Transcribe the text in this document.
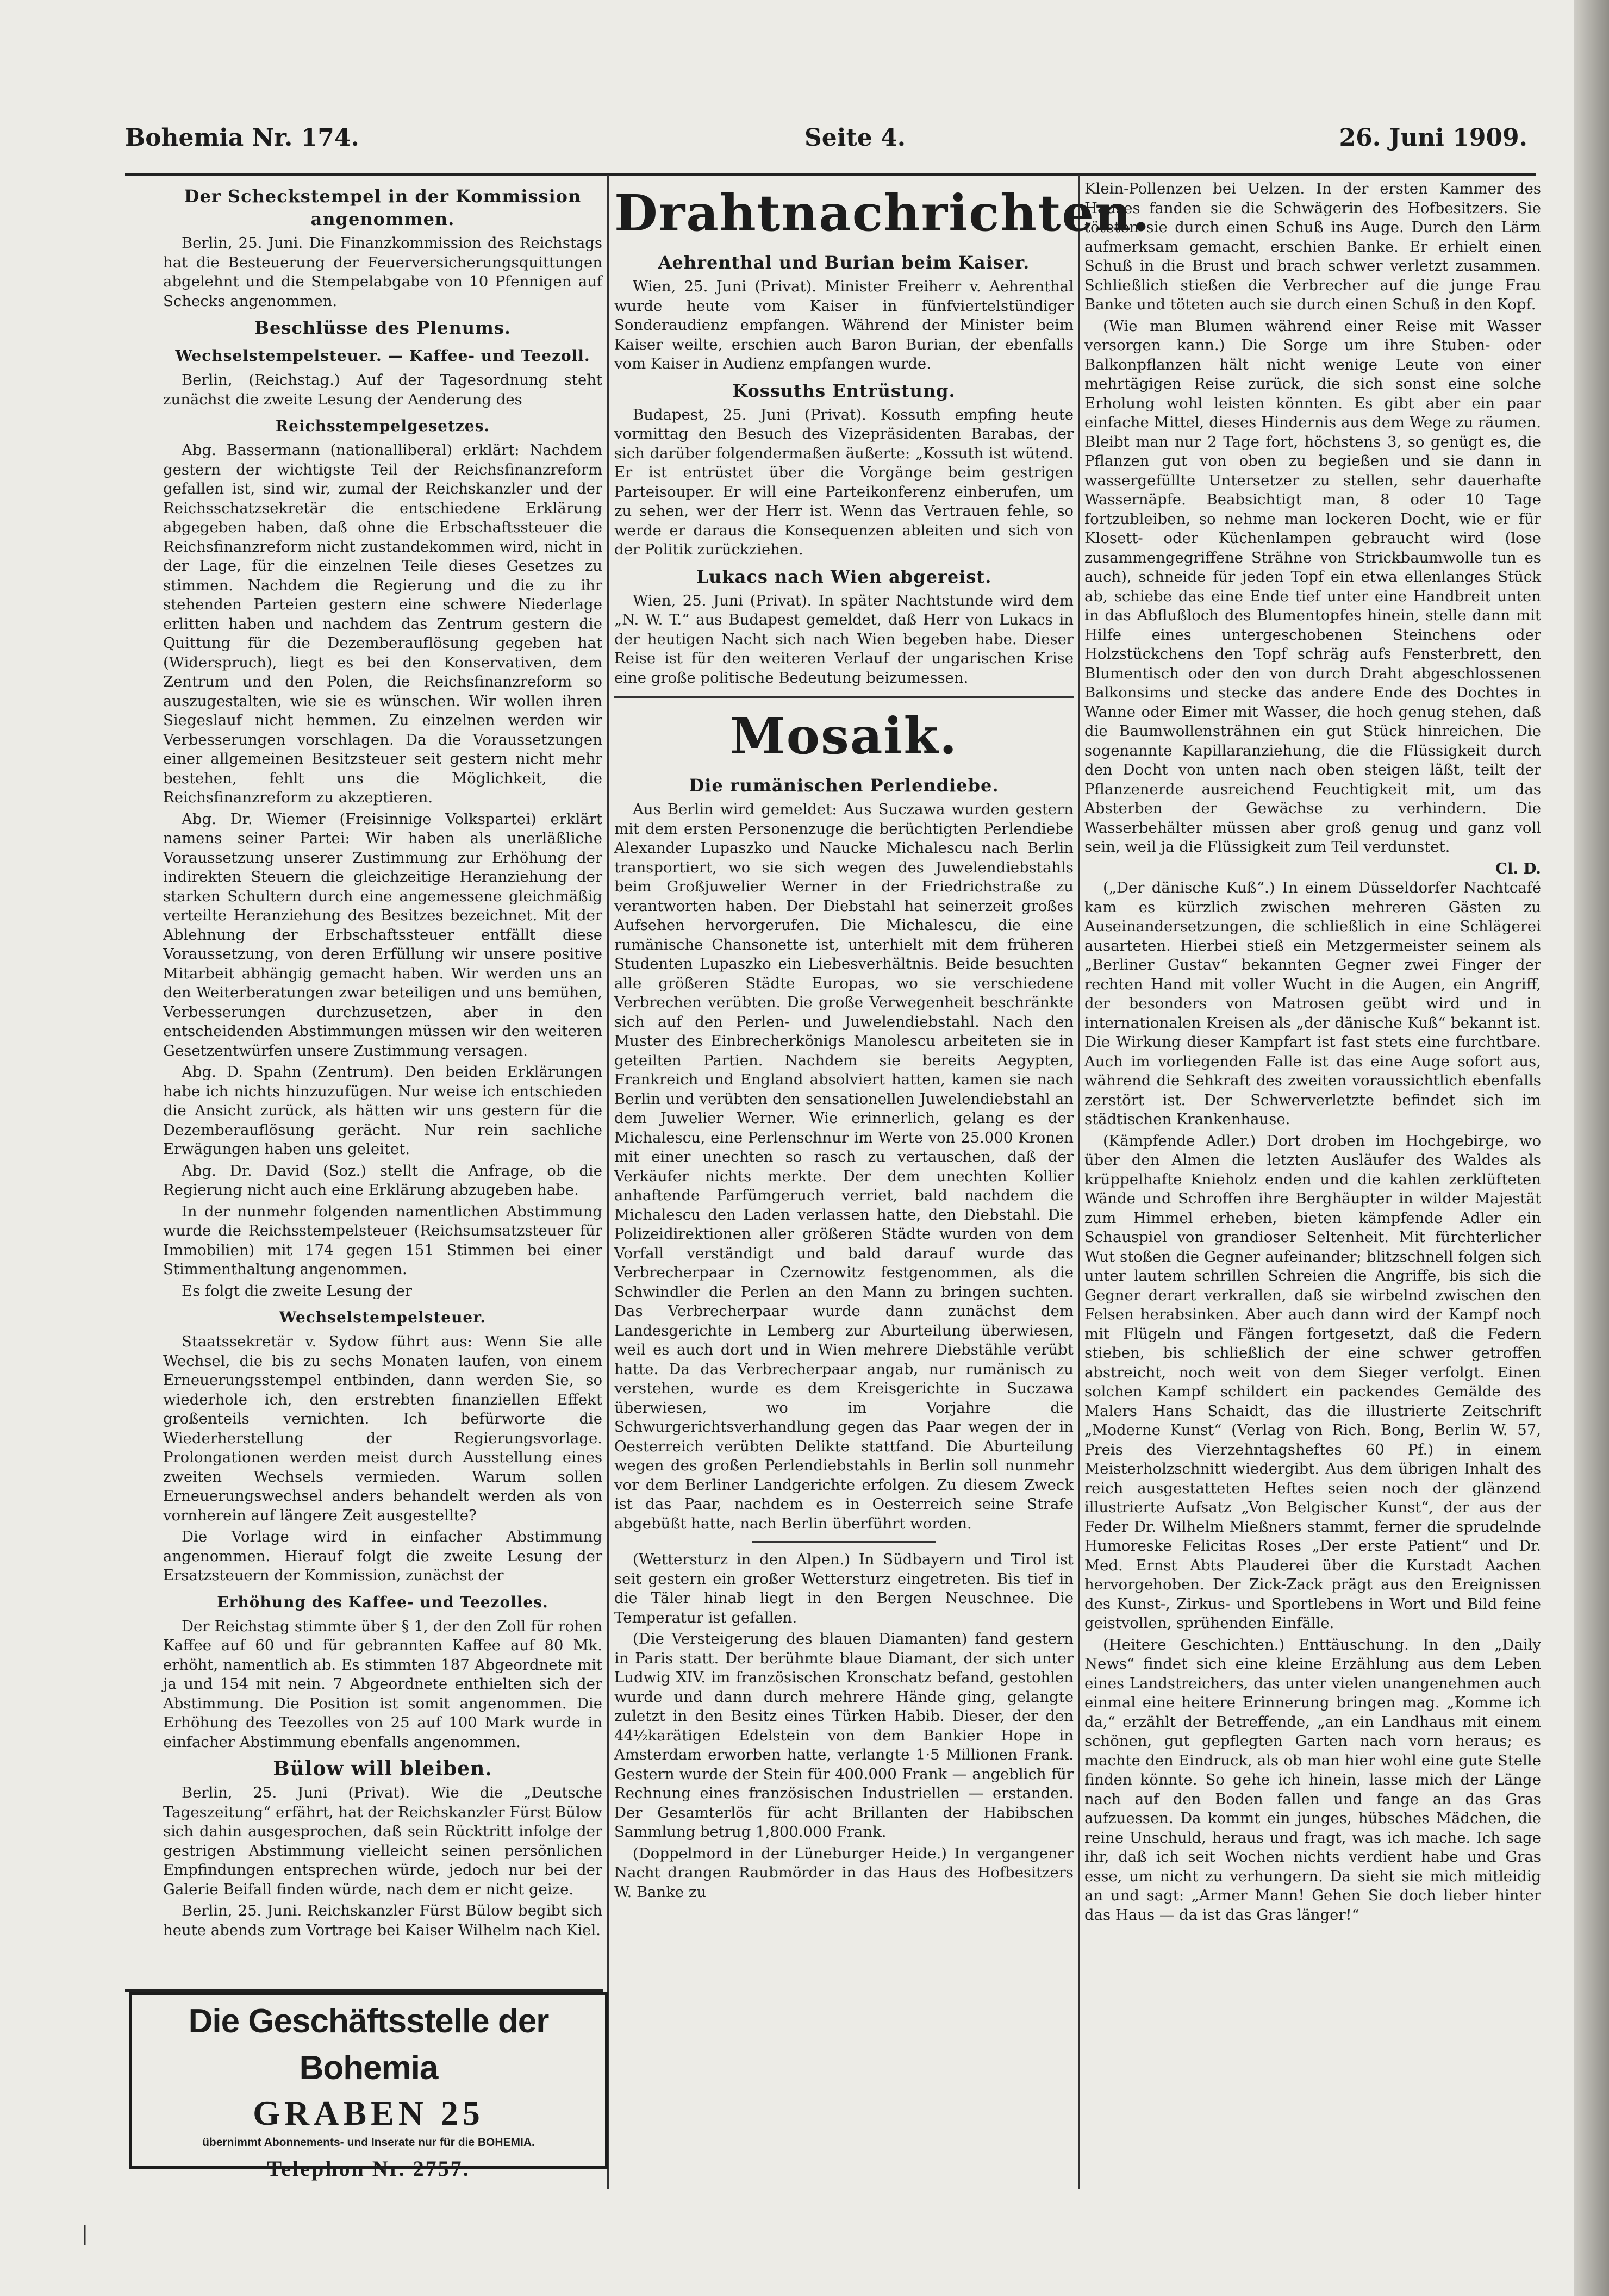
Bohemia Nr. 174.	Seite 4.	26. Juni 1909.
Der Scheckstempel in der Kommission angenommen.

Berlin, 25. Juni. Die Finanzkommission des Reichstags hat die Besteuerung der Feuerversicherungsquittungen abgelehnt und die Stempelabgabe von 10 Pfennigen auf Schecks angenommen.

Beschlüsse des Plenums.
Wechselstempelsteuer. — Kaffee- und Teezoll.

Berlin, (Reichstag.) Auf der Tagesordnung steht zunächst die zweite Lesung der Aenderung des

Reichsstempelgesetzes.

Abg. Bassermann (nationalliberal) erklärt: Nachdem gestern der wichtigste Teil der Reichsfinanzreform gefallen ist, sind wir, zumal der Reichskanzler und der Reichsschatzsekretär die entschiedene Erklärung abgegeben haben, daß ohne die Erbschaftssteuer die Reichsfinanzreform nicht zustandekommen wird, nicht in der Lage, für die einzelnen Teile dieses Gesetzes zu stimmen. Nachdem die Regierung und die zu ihr stehenden Parteien gestern eine schwere Niederlage erlitten haben und nachdem das Zentrum gestern die Quittung für die Dezemberauflösung gegeben hat (Widerspruch), liegt es bei den Konservativen, dem Zentrum und den Polen, die Reichsfinanzreform so auszugestalten, wie sie es wünschen. Wir wollen ihren Siegeslauf nicht hemmen. Zu einzelnen werden wir Verbesserungen vorschlagen. Da die Voraussetzungen einer allgemeinen Besitzsteuer seit gestern nicht mehr bestehen, fehlt uns die Möglichkeit, die Reichsfinanzreform zu akzeptieren.

Abg. Dr. Wiemer (Freisinnige Volkspartei) erklärt namens seiner Partei: Wir haben als unerläßliche Voraussetzung unserer Zustimmung zur Erhöhung der indirekten Steuern die gleichzeitige Heranziehung der starken Schultern durch eine angemessene gleichmäßig verteilte Heranziehung des Besitzes bezeichnet. Mit der Ablehnung der Erbschaftssteuer entfällt diese Voraussetzung, von deren Erfüllung wir unsere positive Mitarbeit abhängig gemacht haben. Wir werden uns an den Weiterberatungen zwar beteiligen und uns bemühen, Verbesserungen durchzusetzen, aber in den entscheidenden Abstimmungen müssen wir den weiteren Gesetzentwürfen unsere Zustimmung versagen.

Abg. D. Spahn (Zentrum). Den beiden Erklärungen habe ich nichts hinzuzufügen. Nur weise ich entschieden die Ansicht zurück, als hätten wir uns gestern für die Dezemberauflösung gerächt. Nur rein sachliche Erwägungen haben uns geleitet.

Abg. Dr. David (Soz.) stellt die Anfrage, ob die Regierung nicht auch eine Erklärung abzugeben habe.

In der nunmehr folgenden namentlichen Abstimmung wurde die Reichsstempelsteuer (Reichsumsatzsteuer für Immobilien) mit 174 gegen 151 Stimmen bei einer Stimmenthaltung angenommen.

Es folgt die zweite Lesung der

Wechselstempelsteuer.

Staatssekretär v. Sydow führt aus: Wenn Sie alle Wechsel, die bis zu sechs Monaten laufen, von einem Erneuerungsstempel entbinden, dann werden Sie, so wiederhole ich, den erstrebten finanziellen Effekt großenteils vernichten. Ich befürworte die Wiederherstellung der Regierungsvorlage. Prolongationen werden meist durch Ausstellung eines zweiten Wechsels vermieden. Warum sollen Erneuerungswechsel anders behandelt werden als von vornherein auf längere Zeit ausgestellte?

Die Vorlage wird in einfacher Abstimmung angenommen. Hierauf folgt die zweite Lesung der Ersatzsteuern der Kommission, zunächst der

Erhöhung des Kaffee- und Teezolles.

Der Reichstag stimmte über § 1, der den Zoll für rohen Kaffee auf 60 und für gebrannten Kaffee auf 80 Mk. erhöht, namentlich ab. Es stimmten 187 Abgeordnete mit ja und 154 mit nein. 7 Abgeordnete enthielten sich der Abstimmung. Die Position ist somit angenommen. Die Erhöhung des Teezolles von 25 auf 100 Mark wurde in einfacher Abstimmung ebenfalls angenommen.

Bülow will bleiben.

Berlin, 25. Juni (Privat). Wie die „Deutsche Tageszeitung“ erfährt, hat der Reichskanzler Fürst Bülow sich dahin ausgesprochen, daß sein Rücktritt infolge der gestrigen Abstimmung vielleicht seinen persönlichen Empfindungen entsprechen würde, jedoch nur bei der Galerie Beifall finden würde, nach dem er nicht geize.

Berlin, 25. Juni. Reichskanzler Fürst Bülow begibt sich heute abends zum Vortrage bei Kaiser Wilhelm nach Kiel.

Die Geschäftsstelle der Bohemia
GRABEN 25
übernimmt Abonnements- und Inserate nur für die BOHEMIA.
Telephon Nr. 2757.
Drahtnachrichten.
Aehrenthal und Burian beim Kaiser.

Wien, 25. Juni (Privat). Minister Freiherr v. Aehrenthal wurde heute vom Kaiser in fünfviertelstündiger Sonderaudienz empfangen. Während der Minister beim Kaiser weilte, erschien auch Baron Burian, der ebenfalls vom Kaiser in Audienz empfangen wurde.

Kossuths Entrüstung.

Budapest, 25. Juni (Privat). Kossuth empfing heute vormittag den Besuch des Vizepräsidenten Barabas, der sich darüber folgendermaßen äußerte: „Kossuth ist wütend. Er ist entrüstet über die Vorgänge beim gestrigen Parteisouper. Er will eine Parteikonferenz einberufen, um zu sehen, wer der Herr ist. Wenn das Vertrauen fehle, so werde er daraus die Konsequenzen ableiten und sich von der Politik zurückziehen.

Lukacs nach Wien abgereist.

Wien, 25. Juni (Privat). In später Nachtstunde wird dem „N. W. T.“ aus Budapest gemeldet, daß Herr von Lukacs in der heutigen Nacht sich nach Wien begeben habe. Dieser Reise ist für den weiteren Verlauf der ungarischen Krise eine große politische Bedeutung beizumessen.

Mosaik.
Die rumänischen Perlendiebe.

Aus Berlin wird gemeldet: Aus Suczawa wurden gestern mit dem ersten Personenzuge die berüchtigten Perlendiebe Alexander Lupaszko und Naucke Michalescu nach Berlin transportiert, wo sie sich wegen des Juwelendiebstahls beim Großjuwelier Werner in der Friedrichstraße zu verantworten haben. Der Diebstahl hat seinerzeit großes Aufsehen hervorgerufen. Die Michalescu, die eine rumänische Chansonette ist, unterhielt mit dem früheren Studenten Lupaszko ein Liebesverhältnis. Beide besuchten alle größeren Städte Europas, wo sie verschiedene Verbrechen verübten. Die große Verwegenheit beschränkte sich auf den Perlen- und Juwelendiebstahl. Nach den Muster des Einbrecherkönigs Manolescu arbeiteten sie in geteilten Partien. Nachdem sie bereits Aegypten, Frankreich und England absolviert hatten, kamen sie nach Berlin und verübten den sensationellen Juwelendiebstahl an dem Juwelier Werner. Wie erinnerlich, gelang es der Michalescu, eine Perlenschnur im Werte von 25.000 Kronen mit einer unechten so rasch zu vertauschen, daß der Verkäufer nichts merkte. Der dem unechten Kollier anhaftende Parfümgeruch verriet, bald nachdem die Michalescu den Laden verlassen hatte, den Diebstahl. Die Polizeidirektionen aller größeren Städte wurden von dem Vorfall verständigt und bald darauf wurde das Verbrecherpaar in Czernowitz festgenommen, als die Schwindler die Perlen an den Mann zu bringen suchten. Das Verbrecherpaar wurde dann zunächst dem Landesgerichte in Lemberg zur Aburteilung überwiesen, weil es auch dort und in Wien mehrere Diebstähle verübt hatte. Da das Verbrecherpaar angab, nur rumänisch zu verstehen, wurde es dem Kreisgerichte in Suczawa überwiesen, wo im Vorjahre die Schwurgerichtsverhandlung gegen das Paar wegen der in Oesterreich verübten Delikte stattfand. Die Aburteilung wegen des großen Perlendiebstahls in Berlin soll nunmehr vor dem Berliner Landgerichte erfolgen. Zu diesem Zweck ist das Paar, nachdem es in Oesterreich seine Strafe abgebüßt hatte, nach Berlin überführt worden.

(Wettersturz in den Alpen.) In Südbayern und Tirol ist seit gestern ein großer Wettersturz eingetreten. Bis tief in die Täler hinab liegt in den Bergen Neuschnee. Die Temperatur ist gefallen.

(Die Versteigerung des blauen Diamanten) fand gestern in Paris statt. Der berühmte blaue Diamant, der sich unter Ludwig XIV. im französischen Kronschatz befand, gestohlen wurde und dann durch mehrere Hände ging, gelangte zuletzt in den Besitz eines Türken Habib. Dieser, der den 44½karätigen Edelstein von dem Bankier Hope in Amsterdam erworben hatte, verlangte 1·5 Millionen Frank. Gestern wurde der Stein für 400.000 Frank — angeblich für Rechnung eines französischen Industriellen — erstanden. Der Gesamterlös für acht Brillanten der Habibschen Sammlung betrug 1,800.000 Frank.

(Doppelmord in der Lüneburger Heide.) In vergangener Nacht drangen Raubmörder in das Haus des Hofbesitzers W. Banke zu

Klein-Pollenzen bei Uelzen. In der ersten Kammer des Hauses fanden sie die Schwägerin des Hofbesitzers. Sie töteten sie durch einen Schuß ins Auge. Durch den Lärm aufmerksam gemacht, erschien Banke. Er erhielt einen Schuß in die Brust und brach schwer verletzt zusammen. Schließlich stießen die Verbrecher auf die junge Frau Banke und töteten auch sie durch einen Schuß in den Kopf.

(Wie man Blumen während einer Reise mit Wasser versorgen kann.) Die Sorge um ihre Stuben- oder Balkonpflanzen hält nicht wenige Leute von einer mehrtägigen Reise zurück, die sich sonst eine solche Erholung wohl leisten könnten. Es gibt aber ein paar einfache Mittel, dieses Hindernis aus dem Wege zu räumen. Bleibt man nur 2 Tage fort, höchstens 3, so genügt es, die Pflanzen gut von oben zu begießen und sie dann in wassergefüllte Untersetzer zu stellen, sehr dauerhafte Wassernäpfe. Beabsichtigt man, 8 oder 10 Tage fortzubleiben, so nehme man lockeren Docht, wie er für Klosett- oder Küchenlampen gebraucht wird (lose zusammengegriffene Strähne von Strickbaumwolle tun es auch), schneide für jeden Topf ein etwa ellenlanges Stück ab, schiebe das eine Ende tief unter eine Handbreit unten in das Abflußloch des Blumentopfes hinein, stelle dann mit Hilfe eines untergeschobenen Steinchens oder Holzstückchens den Topf schräg aufs Fensterbrett, den Blumentisch oder den von durch Draht abgeschlossenen Balkonsims und stecke das andere Ende des Dochtes in Wanne oder Eimer mit Wasser, die hoch genug stehen, daß die Baumwollensträhnen ein gut Stück hinreichen. Die sogenannte Kapillaranziehung, die die Flüssigkeit durch den Docht von unten nach oben steigen läßt, teilt der Pflanzenerde ausreichend Feuchtigkeit mit, um das Absterben der Gewächse zu verhindern. Die Wasserbehälter müssen aber groß genug und ganz voll sein, weil ja die Flüssigkeit zum Teil verdunstet.

Cl. D.

(„Der dänische Kuß“.) In einem Düsseldorfer Nachtcafé kam es kürzlich zwischen mehreren Gästen zu Auseinandersetzungen, die schließlich in eine Schlägerei ausarteten. Hierbei stieß ein Metzgermeister seinem als „Berliner Gustav“ bekannten Gegner zwei Finger der rechten Hand mit voller Wucht in die Augen, ein Angriff, der besonders von Matrosen geübt wird und in internationalen Kreisen als „der dänische Kuß“ bekannt ist. Die Wirkung dieser Kampfart ist fast stets eine furchtbare. Auch im vorliegenden Falle ist das eine Auge sofort aus, während die Sehkraft des zweiten voraussichtlich ebenfalls zerstört ist. Der Schwerverletzte befindet sich im städtischen Krankenhause.

(Kämpfende Adler.) Dort droben im Hochgebirge, wo über den Almen die letzten Ausläufer des Waldes als krüppelhafte Knieholz enden und die kahlen zerklüfteten Wände und Schroffen ihre Berghäupter in wilder Majestät zum Himmel erheben, bieten kämpfende Adler ein Schauspiel von grandioser Seltenheit. Mit fürchterlicher Wut stoßen die Gegner aufeinander; blitzschnell folgen sich unter lautem schrillen Schreien die Angriffe, bis sich die Gegner derart verkrallen, daß sie wirbelnd zwischen den Felsen herabsinken. Aber auch dann wird der Kampf noch mit Flügeln und Fängen fortgesetzt, daß die Federn stieben, bis schließlich der eine schwer getroffen abstreicht, noch weit von dem Sieger verfolgt. Einen solchen Kampf schildert ein packendes Gemälde des Malers Hans Schaidt, das die illustrierte Zeitschrift „Moderne Kunst“ (Verlag von Rich. Bong, Berlin W. 57, Preis des Vierzehntagsheftes 60 Pf.) in einem Meisterholzschnitt wiedergibt. Aus dem übrigen Inhalt des reich ausgestatteten Heftes seien noch der glänzend illustrierte Aufsatz „Von Belgischer Kunst“, der aus der Feder Dr. Wilhelm Mießners stammt, ferner die sprudelnde Humoreske Felicitas Roses „Der erste Patient“ und Dr. Med. Ernst Abts Plauderei über die Kurstadt Aachen hervorgehoben. Der Zick-Zack prägt aus den Ereignissen des Kunst-, Zirkus- und Sportlebens in Wort und Bild feine geistvollen, sprühenden Einfälle.

(Heitere Geschichten.) Enttäuschung. In den „Daily News“ findet sich eine kleine Erzählung aus dem Leben eines Landstreichers, das unter vielen unangenehmen auch einmal eine heitere Erinnerung bringen mag. „Komme ich da,“ erzählt der Betreffende, „an ein Landhaus mit einem schönen, gut gepflegten Garten nach vorn heraus; es machte den Eindruck, als ob man hier wohl eine gute Stelle finden könnte. So gehe ich hinein, lasse mich der Länge nach auf den Boden fallen und fange an das Gras aufzuessen. Da kommt ein junges, hübsches Mädchen, die reine Unschuld, heraus und fragt, was ich mache. Ich sage ihr, daß ich seit Wochen nichts verdient habe und Gras esse, um nicht zu verhungern. Da sieht sie mich mitleidig an und sagt: „Armer Mann! Gehen Sie doch lieber hinter das Haus — da ist das Gras länger!“

|
